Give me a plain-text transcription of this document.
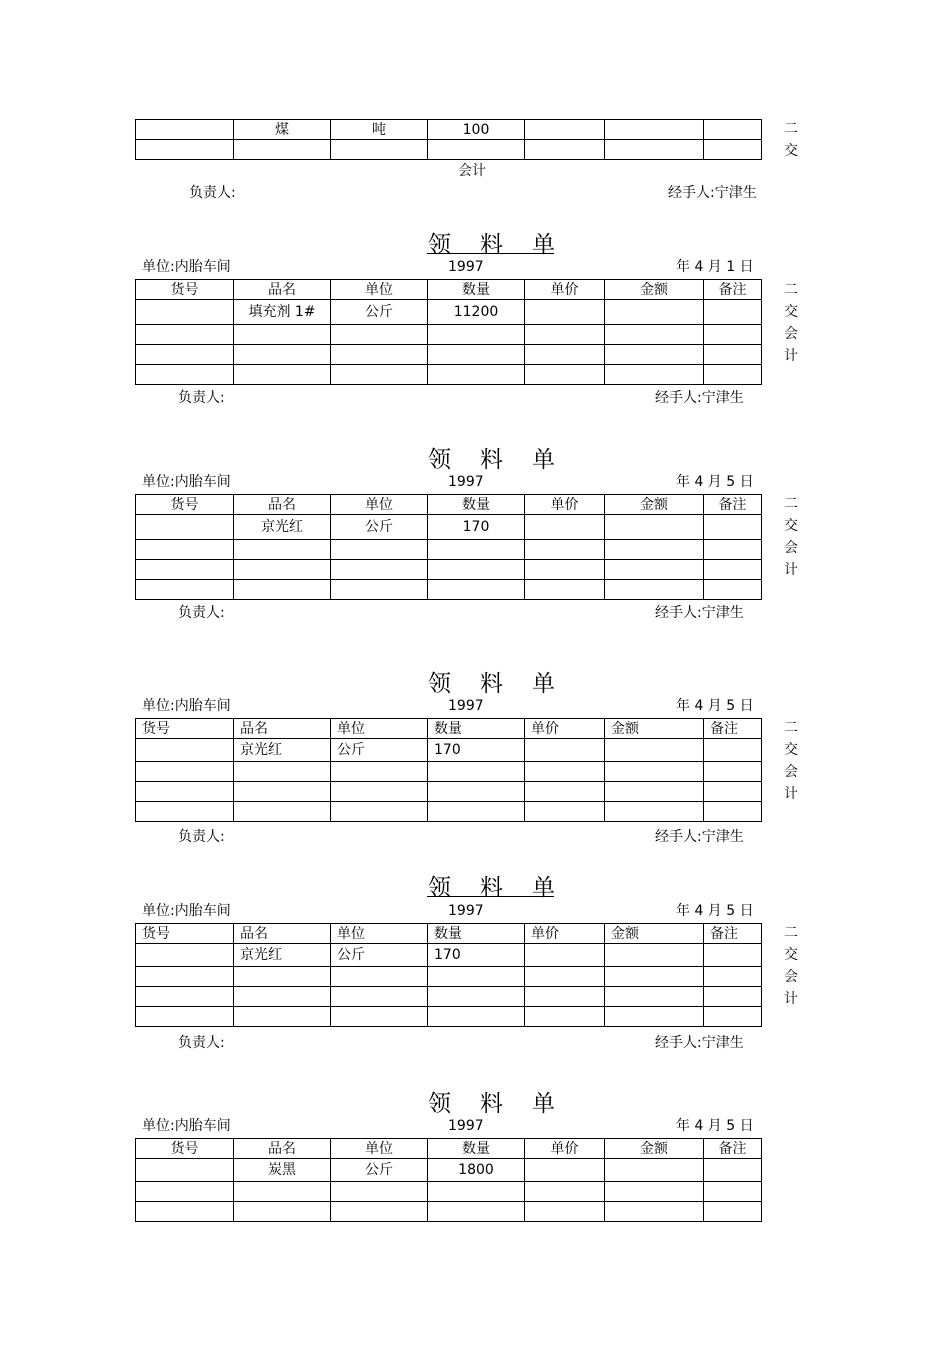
	煤	吨	100			
							二
交
会计
负责人:	经手人:宁津生
领 料 单
单位:内胎车间	1997	年 4 月 1 日
货号	品名	单位	数量	单价	金额	备注
	填充剂 1#	公斤	11200			

二
交
会
计
负责人:	经手人:宁津生
领 料 单
单位:内胎车间	1997	年 4 月 5 日
货号	品名	单位	数量	单价	金额	备注
	京光红	公斤	170			

二
交
会
计
负责人:	经手人:宁津生
领 料 单
单位:内胎车间	1997	年 4 月 5 日
货号	品名	单位	数量	单价	金额	备注
	京光红	公斤	170			

二
交
会
计
负责人:	经手人:宁津生
领 料 单
单位:内胎车间	1997	年 4 月 5 日
货号	品名	单位	数量	单价	金额	备注
	京光红	公斤	170			

二
交
会
计
负责人:	经手人:宁津生
领 料 单
单位:内胎车间	1997	年 4 月 5 日
货号	品名	单位	数量	单价	金额	备注
	炭黑	公斤	1800			
